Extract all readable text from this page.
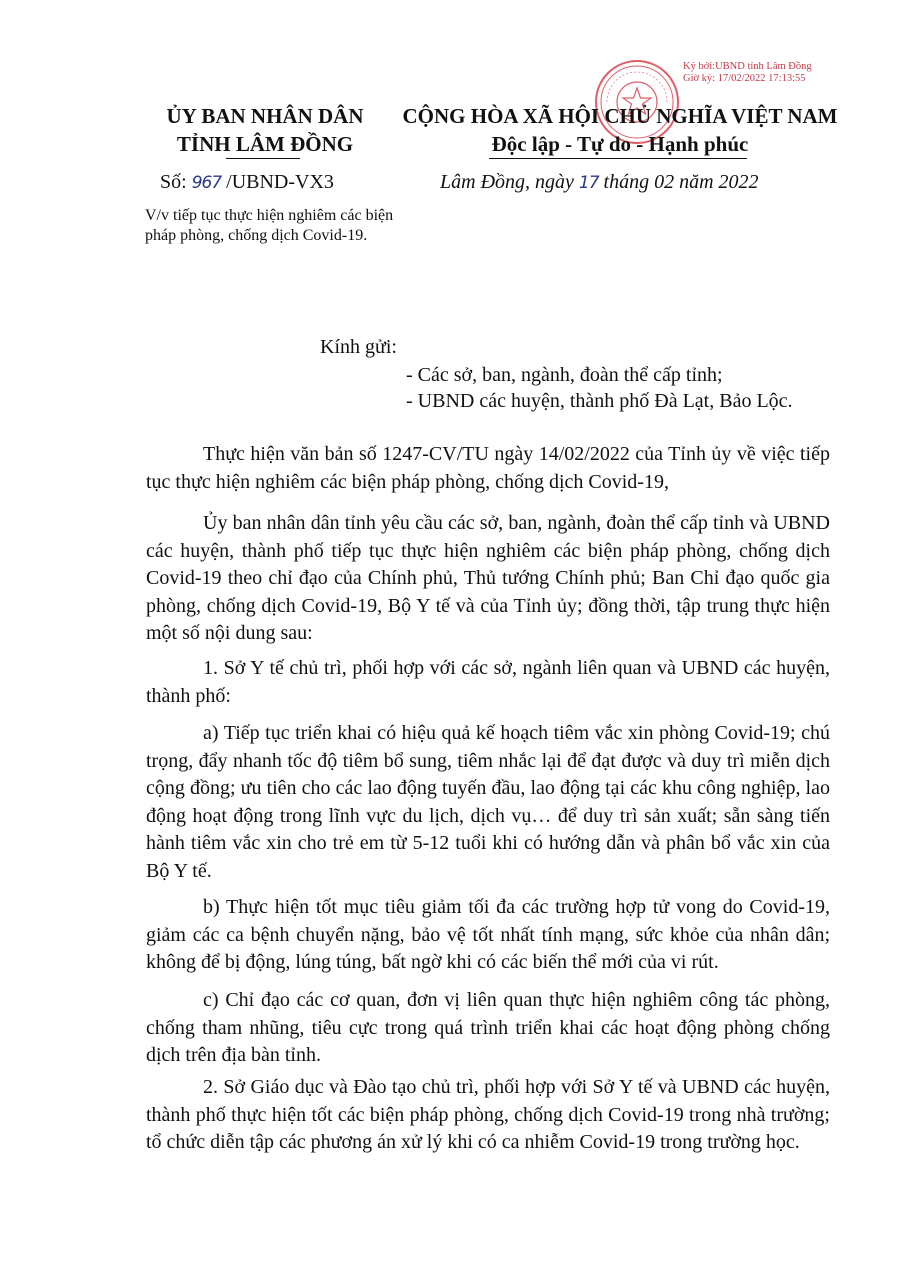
Ký bởi:UBND tỉnh Lâm Đồng
Giờ ký: 17/02/2022 17:13:55
ỦY BAN NHÂN DÂN
TỈNH LÂM ĐỒNG
CỘNG HÒA XÃ HỘI CHỦ NGHĨA VIỆT NAM
Độc lập - Tự do - Hạnh phúc
Số: 967 /UBND-VX3	Lâm Đồng, ngày 17 tháng 02 năm 2022
V/v tiếp tục thực hiện nghiêm các biện pháp phòng, chống dịch Covid-19.
Kính gửi:
- Các sở, ban, ngành, đoàn thể cấp tỉnh;
- UBND các huyện, thành phố Đà Lạt, Bảo Lộc.

Thực hiện văn bản số 1247-CV/TU ngày 14/02/2022 của Tỉnh ủy về việc tiếp tục thực hiện nghiêm các biện pháp phòng, chống dịch Covid-19,

Ủy ban nhân dân tỉnh yêu cầu các sở, ban, ngành, đoàn thể cấp tỉnh và UBND các huyện, thành phố tiếp tục thực hiện nghiêm các biện pháp phòng, chống dịch Covid-19 theo chỉ đạo của Chính phủ, Thủ tướng Chính phủ; Ban Chỉ đạo quốc gia phòng, chống dịch Covid-19, Bộ Y tế và của Tỉnh ủy; đồng thời, tập trung thực hiện một số nội dung sau:

1. Sở Y tế chủ trì, phối hợp với các sở, ngành liên quan và UBND các huyện, thành phố:

a) Tiếp tục triển khai có hiệu quả kế hoạch tiêm vắc xin phòng Covid-19; chú trọng, đẩy nhanh tốc độ tiêm bổ sung, tiêm nhắc lại để đạt được và duy trì miễn dịch cộng đồng; ưu tiên cho các lao động tuyến đầu, lao động tại các khu công nghiệp, lao động hoạt động trong lĩnh vực du lịch, dịch vụ… để duy trì sản xuất; sẵn sàng tiến hành tiêm vắc xin cho trẻ em từ 5-12 tuổi khi có hướng dẫn và phân bổ vắc xin của Bộ Y tế.

b) Thực hiện tốt mục tiêu giảm tối đa các trường hợp tử vong do Covid-19, giảm các ca bệnh chuyển nặng, bảo vệ tốt nhất tính mạng, sức khỏe của nhân dân; không để bị động, lúng túng, bất ngờ khi có các biến thể mới của vi rút.

c) Chỉ đạo các cơ quan, đơn vị liên quan thực hiện nghiêm công tác phòng, chống tham nhũng, tiêu cực trong quá trình triển khai các hoạt động phòng chống dịch trên địa bàn tỉnh.

2. Sở Giáo dục và Đào tạo chủ trì, phối hợp với Sở Y tế và UBND các huyện, thành phố thực hiện tốt các biện pháp phòng, chống dịch Covid-19 trong nhà trường; tổ chức diễn tập các phương án xử lý khi có ca nhiễm Covid-19 trong trường học.
